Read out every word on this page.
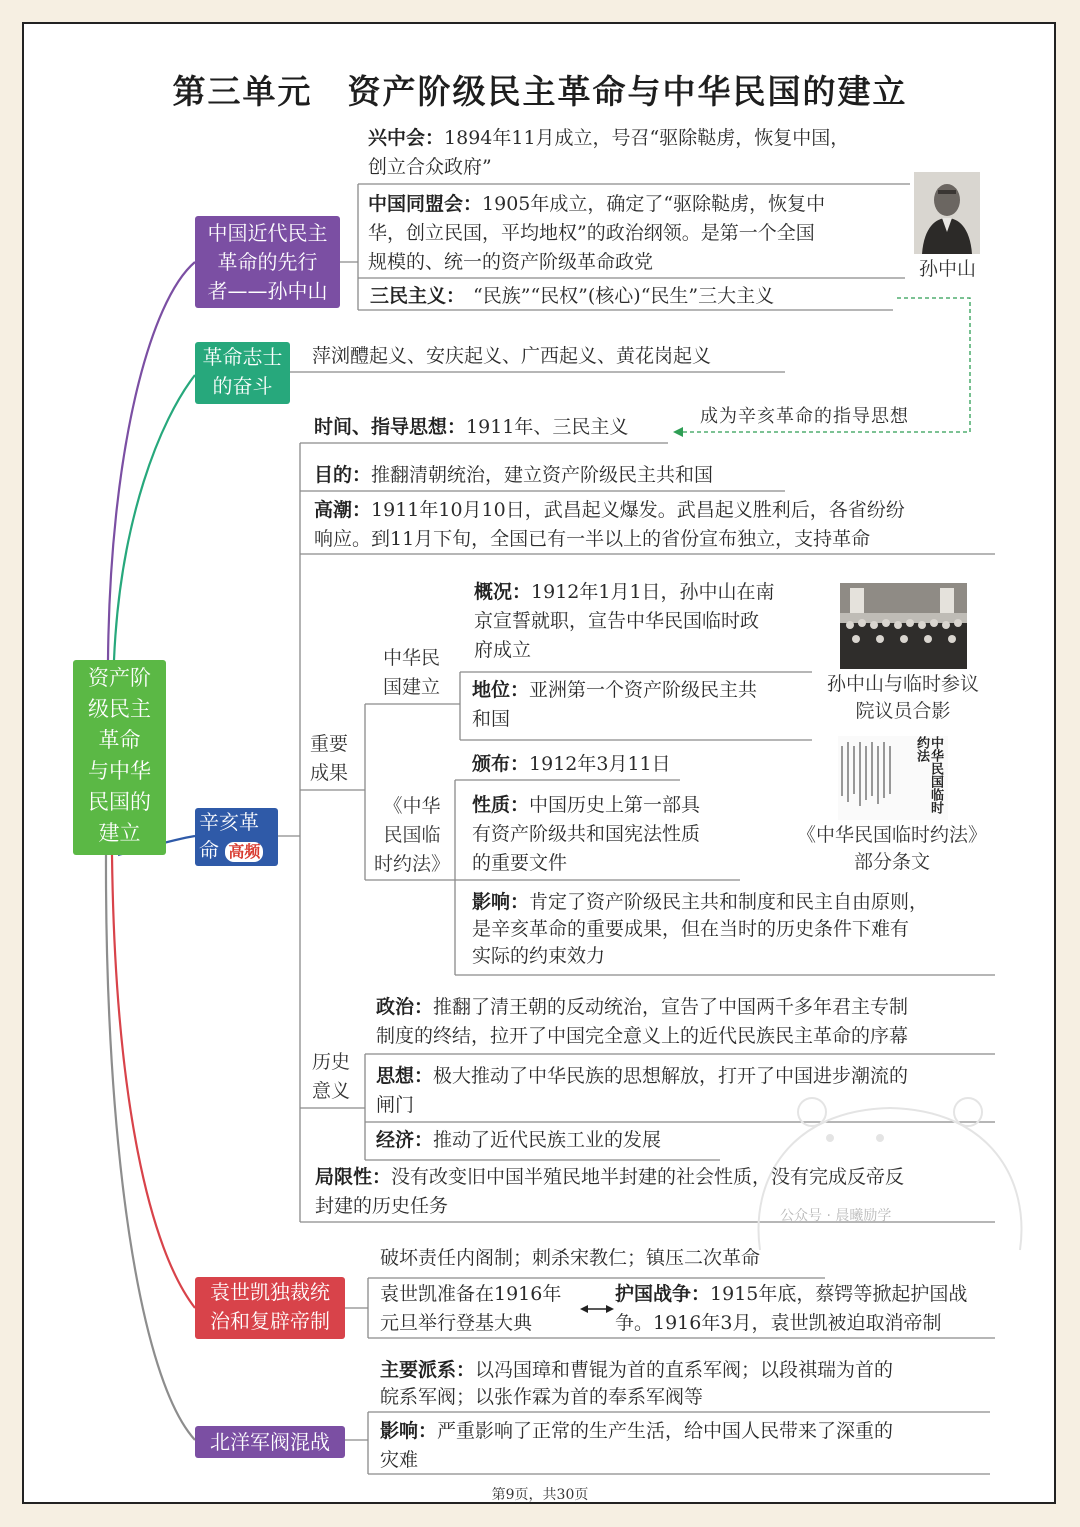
第三单元　资产阶级民主革命与中华民国的建立
资产阶
级民主
革命
与中华
民国的
建立
中国近代民主
革命的先行
者——孙中山
兴中会：1894年11月成立，号召“驱除鞑虏，恢复中国，
创立合众政府”
中国同盟会：1905年成立，确定了“驱除鞑虏，恢复中
华，创立民国，平均地权”的政治纲领。是第一个全国
规模的、统一的资产阶级革命政党
三民主义： “民族”“民权”(核心)“民生”三大主义
孙中山
革命志士
的奋斗
萍浏醴起义、安庆起义、广西起义、黄花岗起义
辛亥革
命 高频
时间、指导思想：1911年、三民主义	成为辛亥革命的指导思想
目的：推翻清朝统治，建立资产阶级民主共和国
高潮：1911年10月10日，武昌起义爆发。武昌起义胜利后，各省纷纷
响应。到11月下旬，全国已有一半以上的省份宣布独立，支持革命
重要
成果
中华民
国建立
概况：1912年1月1日，孙中山在南
京宣誓就职，宣告中华民国临时政
府成立
地位：亚洲第一个资产阶级民主共
和国
孙中山与临时参议
院议员合影
《中华
民国临
时约法》
颁布：1912年3月11日
性质：中国历史上第一部具
有资产阶级共和国宪法性质
的重要文件
中华民国临时约法
《中华民国临时约法》
部分条文
影响：肯定了资产阶级民主共和制度和民主自由原则，
是辛亥革命的重要成果，但在当时的历史条件下难有
实际的约束效力
历史
意义
政治：推翻了清王朝的反动统治，宣告了中国两千多年君主专制
制度的终结，拉开了中国完全意义上的近代民族民主革命的序幕
思想：极大推动了中华民族的思想解放，打开了中国进步潮流的
闸门
经济：推动了近代民族工业的发展
局限性：没有改变旧中国半殖民地半封建的社会性质，没有完成反帝反
封建的历史任务
袁世凯独裁统
治和复辟帝制
破坏责任内阁制；刺杀宋教仁；镇压二次革命
袁世凯准备在1916年
元旦举行登基大典
护国战争：1915年底，蔡锷等掀起护国战
争。1916年3月，袁世凯被迫取消帝制
北洋军阀混战
主要派系：以冯国璋和曹锟为首的直系军阀；以段祺瑞为首的
皖系军阀；以张作霖为首的奉系军阀等
影响：严重影响了正常的生产生活，给中国人民带来了深重的
灾难
公众号 · 晨曦励学
第9页，共30页
